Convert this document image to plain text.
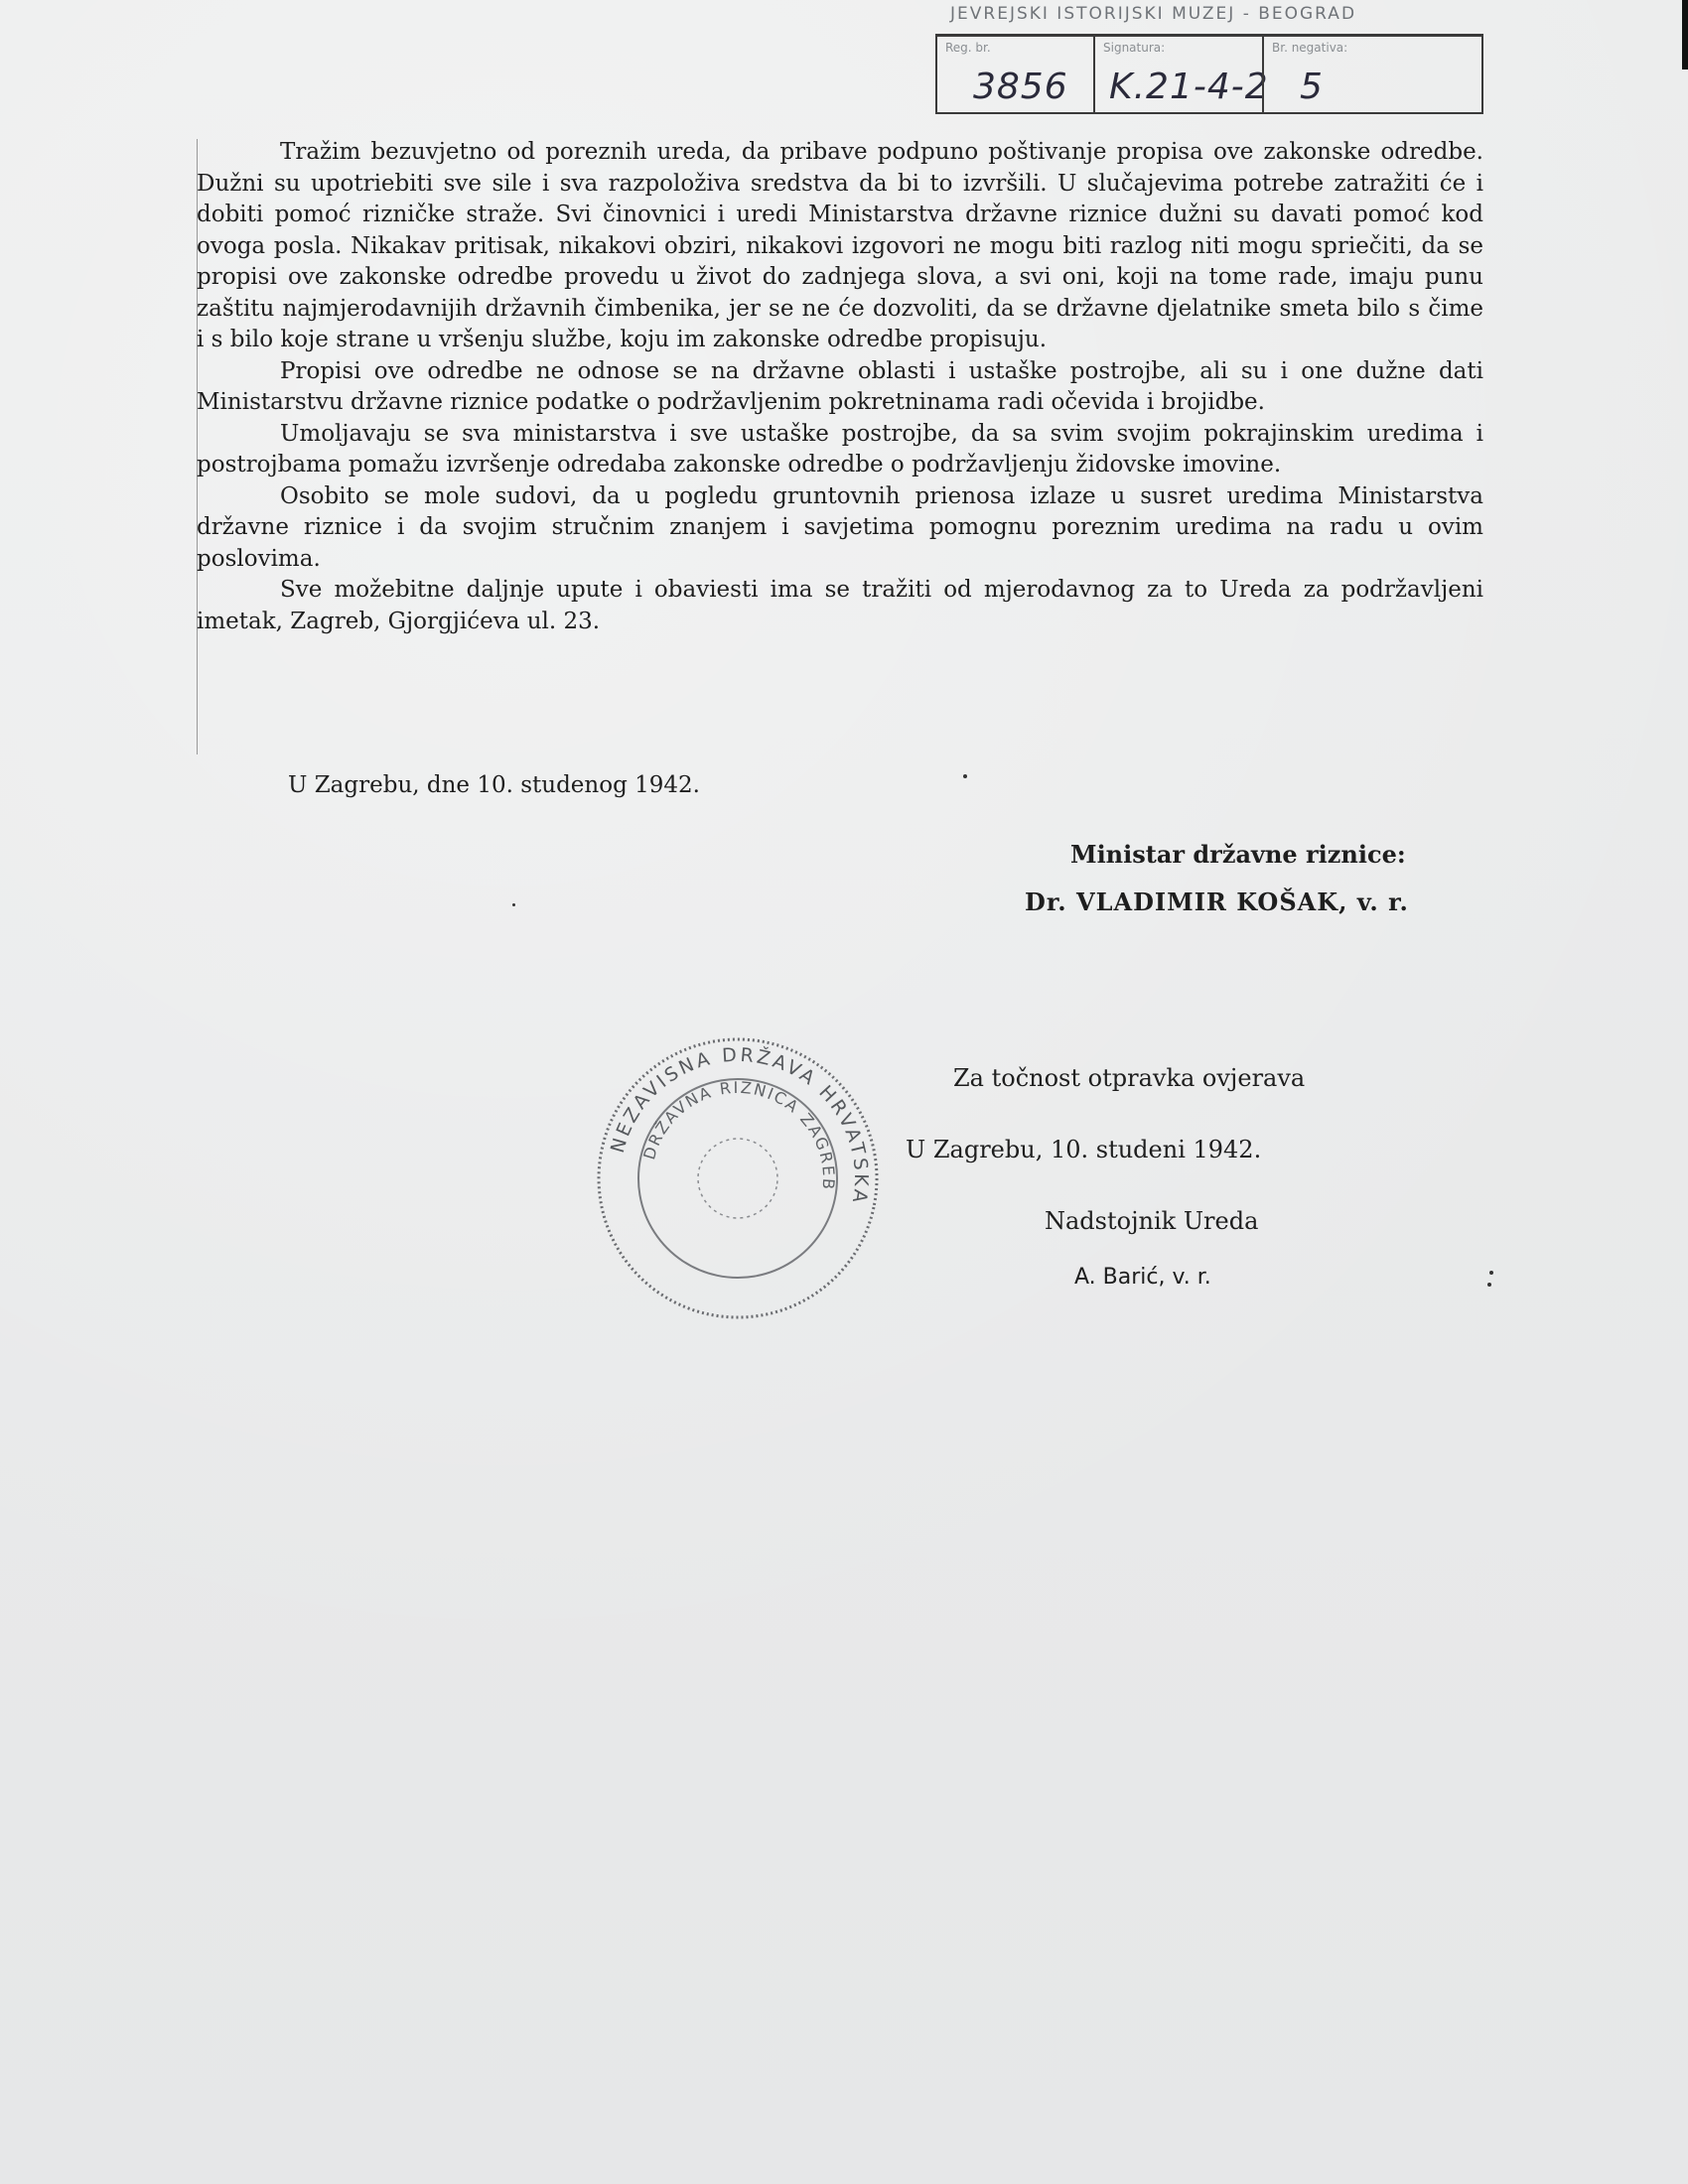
JEVREJSKI ISTORIJSKI MUZEJ - BEOGRAD
Reg. br.
3856
Signatura:
K.21-4-2
Br. negativa:
5

Tražim bezuvjetno od poreznih ureda, da pribave podpuno poštivanje propisa ove zakonske odredbe. Dužni su upotriebiti sve sile i sva razpoloživa sredstva da bi to izvršili. U slučajevima potrebe zatražiti će i dobiti pomoć rizničke straže. Svi činovnici i uredi Ministarstva državne riznice dužni su davati pomoć kod ovoga posla. Nikakav pritisak, nikakovi obziri, nikakovi izgovori ne mogu biti razlog niti mogu spriečiti, da se propisi ove zakonske odredbe provedu u život do zadnjega slova, a svi oni, koji na tome rade, imaju punu zaštitu najmjerodavnijih državnih čimbenika, jer se ne će dozvoliti, da se državne djelatnike smeta bilo s čime i s bilo koje strane u vršenju službe, koju im zakonske odredbe propisuju.

Propisi ove odredbe ne odnose se na državne oblasti i ustaške postrojbe, ali su i one dužne dati Ministarstvu državne riznice podatke o podržavljenim pokretninama radi očevida i brojidbe.

Umoljavaju se sva ministarstva i sve ustaške postrojbe, da sa svim svojim pokrajinskim uredima i postrojbama pomažu izvršenje odredaba zakonske odredbe o podržavljenju židovske imovine.

Osobito se mole sudovi, da u pogledu gruntovnih prienosa izlaze u susret uredima Ministarstva državne riznice i da svojim stručnim znanjem i savjetima pomognu poreznim uredima na radu u ovim poslovima.

Sve možebitne daljnje upute i obaviesti ima se tražiti od mjerodavnog za to Ureda za podržavljeni imetak, Zagreb, Gjorgjićeva ul. 23.

U Zagrebu, dne 10. studenog 1942.
Ministar državne riznice:
Dr. VLADIMIR KOŠAK, v. r.
NEZAVISNA DRŽAVA HRVATSKA
DRŽAVNA RIZNICA ZAGREB
Za točnost otpravka ovjerava
U Zagrebu, 10. studeni 1942.
Nadstojnik Ureda
A. Barić, v. r.
